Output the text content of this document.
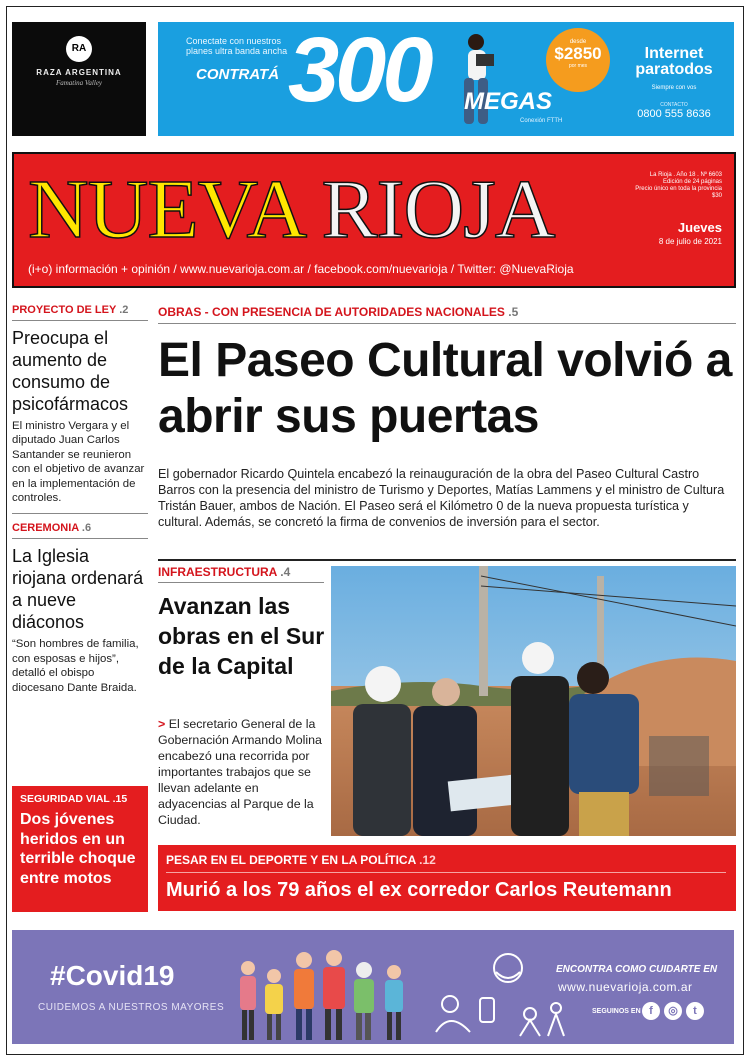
RA
RAZA ARGENTINA
Famatina Valley
Conectate con nuestros planes ultra banda ancha
CONTRATÁ 300 MEGAS
Conexión FTTH
desde
$2850
por mes
Internet
paratodos
Siempre con vos
CONTACTO
0800 555 8636
NUEVA RIOJA	La Rioja . Año 18 . Nº 6603
Edición de 24 páginas
Precio único en toda la provincia $30
Jueves
8 de julio de 2021
(i+o) información + opinión / www.nuevarioja.com.ar / facebook.com/nuevarioja / Twitter: @NuevaRioja
PROYECTO DE LEY .2
Preocupa el aumento de consumo de psicofármacos
El ministro Vergara y el diputado Juan Carlos Santander se reunieron con el objetivo de avanzar en la implementación de controles.
CEREMONIA .6
La Iglesia riojana ordenará a nueve diáconos
“Son hombres de familia, con esposas e hijos”, detalló el obispo diocesano Dante Braida.
SEGURIDAD VIAL .15
Dos jóvenes heridos en un terrible choque entre motos
OBRAS - CON PRESENCIA DE AUTORIDADES NACIONALES .5
El Paseo Cultural volvió a abrir sus puertas
El gobernador Ricardo Quintela encabezó la reinauguración de la obra del Paseo Cultural Castro Barros con la presencia del ministro de Turismo y Deportes, Matías Lammens y el ministro de Cultura Tristán Bauer, ambos de Nación. El Paseo será el Kilómetro 0 de la nueva propuesta turística y cultural. Además, se concretó la firma de convenios de inversión para el sector.
INFRAESTRUCTURA .4
Avanzan las obras en el Sur de la Capital
> El secretario General de la Gobernación Armando Molina encabezó una recorrida por importantes trabajos que se llevan adelante en adyacencias al Parque de la Ciudad.
PESAR EN EL DEPORTE Y EN LA POLÍTICA .12
Murió a los 79 años el ex corredor Carlos Reutemann
#Covid19
CUIDEMOS A NUESTROS MAYORES
ENCONTRA COMO CUIDARTE EN
www.nuevarioja.com.ar
SEGUINOS EN f	◎	t
